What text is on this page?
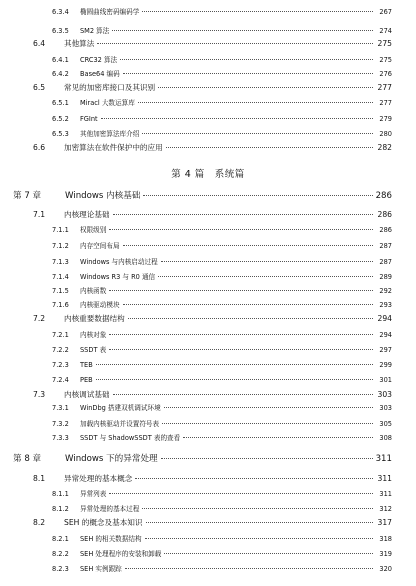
6.3.4	椭圆曲线密码编码学	267
6.3.5	SM2 算法	274
6.4	其他算法	275
6.4.1	CRC32 算法	275
6.4.2	Base64 编码	276
6.5	常见的加密库接口及其识别	277
6.5.1	Miracl 大数运算库	277
6.5.2	FGInt	279
6.5.3	其他加密算法库介绍	280
6.6	加密算法在软件保护中的应用	282
第 4 篇 系统篇
第 7 章	Windows 内核基础	286
7.1	内核理论基础	286
7.1.1	权限级别	286
7.1.2	内存空间布局	287
7.1.3	Windows 与内核启动过程	287
7.1.4	Windows R3 与 R0 通信	289
7.1.5	内核函数	292
7.1.6	内核驱动模块	293
7.2	内核重要数据结构	294
7.2.1	内核对象	294
7.2.2	SSDT 表	297
7.2.3	TEB	299
7.2.4	PEB	301
7.3	内核调试基础	303
7.3.1	WinDbg 搭建双机调试环境	303
7.3.2	加载内核驱动并设置符号表	305
7.3.3	SSDT 与 ShadowSSDT 表的查看	308
第 8 章	Windows 下的异常处理	311
8.1	异常处理的基本概念	311
8.1.1	异常列表	311
8.1.2	异常处理的基本过程	312
8.2	SEH 的概念及基本知识	317
8.2.1	SEH 的相关数据结构	318
8.2.2	SEH 处理程序的安装和卸载	319
8.2.3	SEH 实例跟踪	320
